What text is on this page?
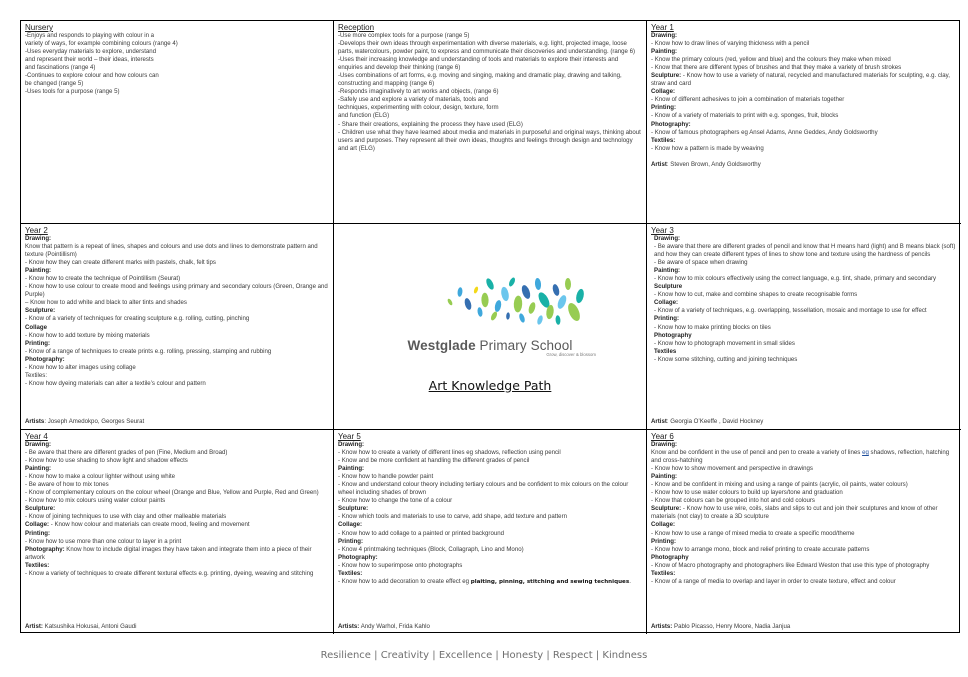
Nursery
-Enjoys and responds to playing with colour in a
variety of ways, for example combining colours (range 4)
-Uses everyday materials to explore, understand
and represent their world – their ideas, interests
and fascinations (range 4)
-Continues to explore colour and how colours can
be changed (range 5)
-Uses tools for a purpose (range 5)
Reception
-Use more complex tools for a purpose (range 5)
-Develops their own ideas through experimentation with diverse materials, e.g. light, projected image, loose parts, watercolours, powder paint, to express and communicate their discoveries and understanding. (range 6)
-Uses their increasing knowledge and understanding of tools and materials to explore their interests and enquiries and develop their thinking (range 6)
-Uses combinations of art forms, e.g. moving and singing, making and dramatic play, drawing and talking, constructing and mapping (range 6)
-Responds imaginatively to art works and objects, (range 6)
-Safely use and explore a variety of materials, tools and
techniques, experimenting with colour, design, texture, form
and function (ELG)
- Share their creations, explaining the process they have used (ELG)
- Children use what they have learned about media and materials in purposeful and original ways, thinking about users and purposes. They represent all their own ideas, thoughts and feelings through design and technology and art (ELG)
Year 1
Drawing:
- Know how to draw lines of varying thickness with a pencil
Painting:
- Know the primary colours (red, yellow and blue) and the colours they make when mixed
- Know that there are different types of brushes and that they make a variety of brush strokes
Sculpture: - Know how to use a variety of natural, recycled and manufactured materials for sculpting, e.g. clay, straw and card
Collage:
- Know of different adhesives to join a combination of materials together
Printing:
- Know of a variety of materials to print with e.g. sponges, fruit, blocks
Photography:
- Know of famous photographers eg Ansel Adams, Anne Geddes, Andy Goldsworthy
Textiles:
- Know how a pattern is made by weaving
Artist: Steven Brown, Andy Goldsworthy
Year 2
Drawing:
Know that pattern is a repeat of lines, shapes and colours and use dots and lines to demonstrate pattern and texture (Pointillism)
- Know how they can create different marks with pastels, chalk, felt tips
Painting:
- Know how to create the technique of Pointillism (Seurat)
- Know how to use colour to create mood and feelings using primary and secondary colours (Green, Orange and Purple)
– Know how to add white and black to alter tints and shades
Sculpture:
- Know of a variety of techniques for creating sculpture e.g. rolling, cutting, pinching
Collage
- Know how to add texture by mixing materials
Printing:
- Know of a range of techniques to create prints e.g. rolling, pressing, stamping and rubbing
Photography:
- Know how to alter images using collage
Textiles:
- Know how dyeing materials can alter a textile’s colour and pattern
Artists: Joseph Amedokpo, Georges Seurat
Westglade Primary School
Grow, discover & blossom
Art Knowledge Path
Year 3
Drawing:
- Be aware that there are different grades of pencil and know that H means hard (light) and B means black (soft) and how they can create different types of lines to show tone and texture using the hardness of pencils
- Be aware of space when drawing
Painting:
- Know how to mix colours effectively using the correct language, e.g. tint, shade, primary and secondary
Sculpture
- Know how to cut, make and combine shapes to create recognisable forms
Collage:
- Know of a variety of techniques, e.g. overlapping, tessellation, mosaic and montage to use for effect
Printing:
- Know how to make printing blocks on tiles
Photography
- Know how to photograph movement in small slides
Textiles
- Know some stitching, cutting and joining techniques
Artist: Georgia O’Keeffe , David Hockney
Year 4
Drawing:
- Be aware that there are different grades of pen (Fine, Medium and Broad)
- Know how to use shading to show light and shadow effects
Painting:
- Know how to make a colour lighter without using white
- Be aware of how to mix tones
- Know of complementary colours on the colour wheel (Orange and Blue, Yellow and Purple, Red and Green)
- Know how to mix colours using water colour paints
Sculpture:
- Know of joining techniques to use with clay and other malleable materials
Collage: - Know how colour and materials can create mood, feeling and movement
Printing:
- Know how to use more than one colour to layer in a print
Photography: Know how to include digital images they have taken and integrate them into a piece of their artwork
Textiles:
- Know a variety of techniques to create different textural effects e.g. printing, dyeing, weaving and stitching
Artist: Katsushika Hokusai, Antoni Gaudi
Year 5
Drawing:
- Know how to create a variety of different lines eg shadows, reflection using pencil
- Know and be more confident at handling the different grades of pencil
Painting:
- Know how to handle powder paint
- Know and understand colour theory including tertiary colours and be confident to mix colours on the colour wheel including shades of brown
- Know how to change the tone of a colour
Sculpture:
- Know which tools and materials to use to carve, add shape, add texture and pattern
Collage:
- Know how to add collage to a painted or printed background
Printing:
- Know 4 printmaking techniques (Block, Collagraph, Lino and Mono)
Photography:
- Know how to superimpose onto photographs
Textiles:
- Know how to add decoration to create effect eg plaiting, pinning, stitching and sewing techniques.
Artists: Andy Warhol, Frida Kahlo
Year 6
Drawing:
Know and be confident in the use of pencil and pen to create a variety of lines eg shadows, reflection, hatching and cross-hatching
- Know how to show movement and perspective in drawings
Painting:
- Know and be confident in mixing and using a range of paints (acrylic, oil paints, water colours)
- Know how to use water colours to build up layers/tone and graduation
- Know that colours can be grouped into hot and cold colours
Sculpture: - Know how to use wire, coils, slabs and slips to cut and join their sculptures and know of other materials (not clay) to create a 3D sculpture
Collage:
- Know how to use a range of mixed media to create a specific mood/theme
Printing:
- Know how to arrange mono, block and relief printing to create accurate patterns
Photography
- Know of Macro photography and photographers like Edward Weston that use this type of photography
Textiles:
- Know of a range of media to overlap and layer in order to create texture, effect and colour
Artists: Pablo Picasso, Henry Moore, Nadia Janjua
Resilience | Creativity | Excellence | Honesty | Respect | Kindness
